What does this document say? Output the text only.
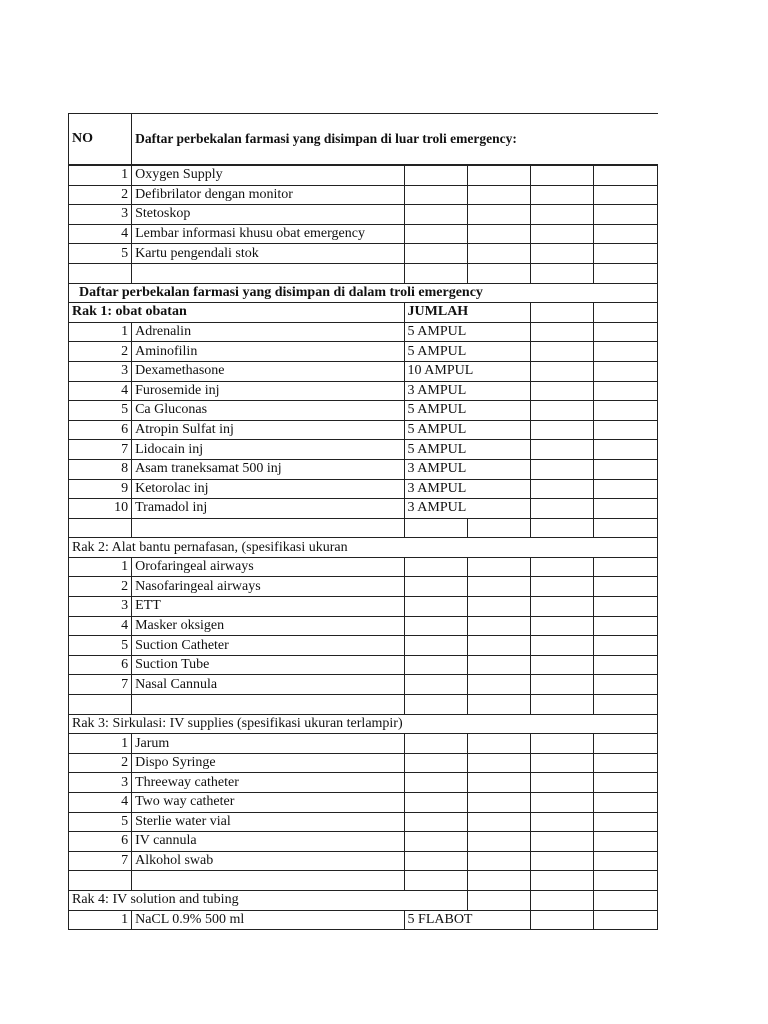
NO	Daftar perbekalan farmasi yang disimpan di luar troli emergency:				
1	Oxygen Supply				
2	Defibrilator dengan monitor				
3	Stetoskop				
4	Lembar informasi khusu obat emergency				
5	Kartu pengendali stok				

Daftar perbekalan farmasi yang disimpan di dalam troli emergency					
Rak 1: obat obatan		JUMLAH			
1	Adrenalin	5 AMPUL			
2	Aminofilin	5 AMPUL			
3	Dexamethasone	10 AMPUL			
4	Furosemide inj	3 AMPUL			
5	Ca Gluconas	5 AMPUL			
6	Atropin Sulfat inj	5 AMPUL			
7	Lidocain inj	5 AMPUL			
8	Asam traneksamat 500 inj	3 AMPUL			
9	Ketorolac inj	3 AMPUL			
10	Tramadol inj	3 AMPUL			

Rak 2: Alat bantu pernafasan, (spesifikasi ukuran					
1	Orofaringeal airways				
2	Nasofaringeal airways				
3	ETT				
4	Masker oksigen				
5	Suction Catheter				
6	Suction Tube				
7	Nasal Cannula				

Rak 3: Sirkulasi: IV supplies (spesifikasi ukuran terlampir)					
1	Jarum				
2	Dispo Syringe				
3	Threeway catheter				
4	Two way catheter				
5	Sterlie water vial				
6	IV cannula				
7	Alkohol swab				

Rak 4: IV solution and tubing					
1	NaCL 0.9% 500 ml	5 FLABOT			
